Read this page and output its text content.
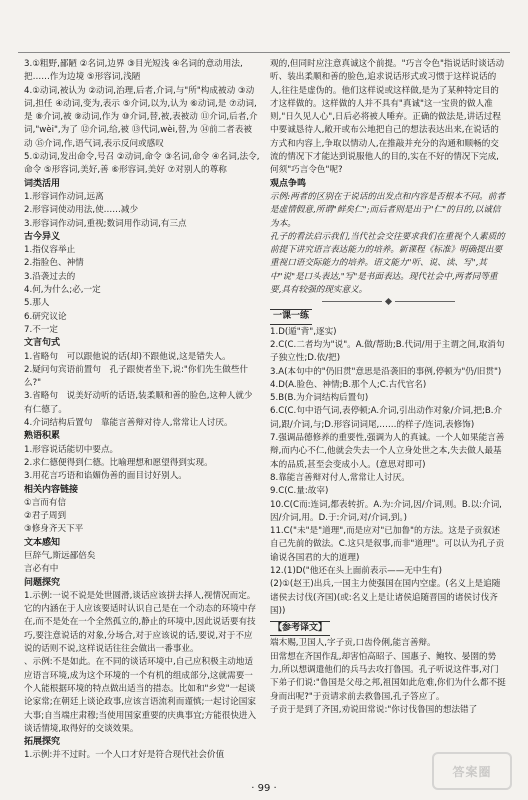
3.①粗野,鄙陋 ②名词,边界 ③目光短浅 ④名词的意动用法,把……作为边境 ⑤形容词,浅陋

4.①动词,被认为 ②动词,治理,后者,介词,与"所"构成被动 ③动词,担任 ④动词,变为,表示 ⑤介词,以为,认为 ⑥动词,是 ⑦动词,是 ⑧介词,被 ⑨动词,作为 ⑩介词,替,被,表被动 ⑪介词,后者,介词,"wèi",为了 ⑫介词,给,被 ⑬代词,wèi,替,为 ⑭前二者表被动 ⑮介词,作,语气词,表示反问或感叹

5.①动词,发出命令,号召 ②动词,命令 ③名词,命令 ④名词,法令,命令 ⑤形容词,美好,善 ⑥形容词,美好 ⑦对别人的尊称

词类活用

1.形容词作动词,远离

2.形容词使动用法,使……减少

3.形容词作动词,重视;数词用作动词,有三点

古今异义

1.指仪容举止

2.指脸色、神情

3.沿袭过去的

4.何,为什么;必,一定

5.那人

6.研究议论

7.不一定

文言句式

1.省略句　可以跟他说的话(却)不跟他说,这是错失人。

2.疑问句宾语前置句　孔子跟使者坐下,说:"你们先生做些什么?"

3.省略句　说美好动听的话语,装柔顺和善的脸色,这种人就少有仁德了。

4.介词结构后置句　靠能言善辩对待人,常常让人讨厌。

熟语积累

1.形容说话能切中要点。

2.求仁德便得到仁德。比喻理想和愿望得到实现。

3.用花言巧语和谄媚伪善的面目讨好别人。

相关内容链接

①言而有信

②君子周到

③修身齐天下平

文本感知

巨辞气,斯远鄙倍矣

言必有中

问题探究

1.示例:一说不说是处世圆滑,谈话应该拼去择人,视情况而定。它的内涵在于人应该要适时认识自己是在一个动态的环境中存在,而不是处在一个全然孤立的,静止的环境中,因此说话要有技巧,要注意说话的对象,分场合,对于应该说的话,要说,对于不应说的话则不说,这样说话往往会做出一番事业。

、示例:不是如此。在不同的谈话环境中,自己应积极主动地适应语言环境,成为这个环境的一个有机的组成部分,这就需要一个人能根据环境的特点做出适当的措态。比如和"乡党"一起谈论家常;在朝廷上谈论政事,应该言语流利而谨慎;一起讨论国家大事;自当端庄肃穆;当使用国家重要的庆典事宜;方能很快进入谈话情境,取得好的交谈效果。

拓展探究

1.示例:并不过时。一个人口才好是符合现代社会价值

观的,但同时应注意真诚这个前提。"巧言令色"指说话时谈话动听、装出柔顺和善的脸色,追求说话形式或习惯于这样说话的人,往往是虚伪的。他们这样说或这样做,是为了某种特定目的才这样做的。这样做的人并不具有"真诚"这一宝贵的做人准则,"日久见人心",日后必将被人唾弃。正确的做法是,讲话过程中要诚恳待人,敞开或布公地把自己的想法表达出来,在说话的方式和内容上,争取以情动人,在推敲并充分的沟通和顺畅的交流的情况下才能达到说服他人的目的,实在不好的情况下完成,何须"巧言令色"呢?

观点争鸣

示例:两者的区别在于说话的出发点和内容是否根本不同。前者是虚情假意,所谓"鲜矣仁";而后者则是出于"仁"的目的,以诚信为本。

孔子的看法启示我们,当代社会交往要求我们在重视个人素质的前提下讲究语言表达能力的培养。新课程《标准》明确提出要重视口语交际能力的培养。语文能力"听、说、读、写",其中"说"是口头表达,"写"是书面表达。现代社会中,两者同等重要,具有较强的现实意义。

一课一练

1.D(遁"背",逐实)

2.C(C.二者均为"说"。A.做/帮助;B.代词/用于主谓之间,取消句子独立性;D.依/把)

3.A(本句中的"仍旧贯"意思是沿袭旧的事例,停顿为"仍/旧贯")

4.D(A.脸色、神情;B.那个人;C.古代官名)

5.B(B.为介词结构后置句)

6.C(C.句中语气词,表停顿;A.介词,引出动作对象/介词,把;B.介词,跟/介词,与;D.形容词词尾,……的样子/连词,表修饰)

7.强调品德修养的重要性,强调为人的真诚。一个人如果能言善辩,而内心不仁,他就会失去一个人立身处世之本,失去做人最基本的品质,甚至会变成小人。(意思对即可)

8.靠能言善辩对付人,常常让人讨厌。

9.C(C.量:故宰)

10.C(C而:连词,都表转折。A.为:介词,因/介词,则。B.以:介词,因/介词,用。D.于:介词,对/介词,到。)

11.C("未"是"道理",而是应对"已加鲁"的方法。这是子贡叙述自己先前的做法。C.这只是叙事,而非"道理"。可以认为孔子贡谕说各国君的大的道理)

12.(1)D("他还在头上面前表示——无中生有)

(2)①(赵王)出兵,一国主力使强国在国内空虚。(名义上是追随诸侯去讨伐(齐国)(或:名义上是让诸侯追随晋国的诸侯讨伐齐国))

【参考译文】

端木赐,卫国人,字子贡,口齿伶俐,能言善辩。

田常想在齐国作乱,却害怕高昭子、国惠子、鲍牧、晏圉的势力,所以想调遣他们的兵马去攻打鲁国。孔子听说这件事,对门下弟子们说:"鲁国是父母之邦,祖国如此危难,你们为什么都不挺身而出呢?"于贡请求前去救鲁国,孔子答应了。

子贡于是到了齐国,劝说田常说:"你讨伐鲁国的想法错了

· 99 ·
答案圈
